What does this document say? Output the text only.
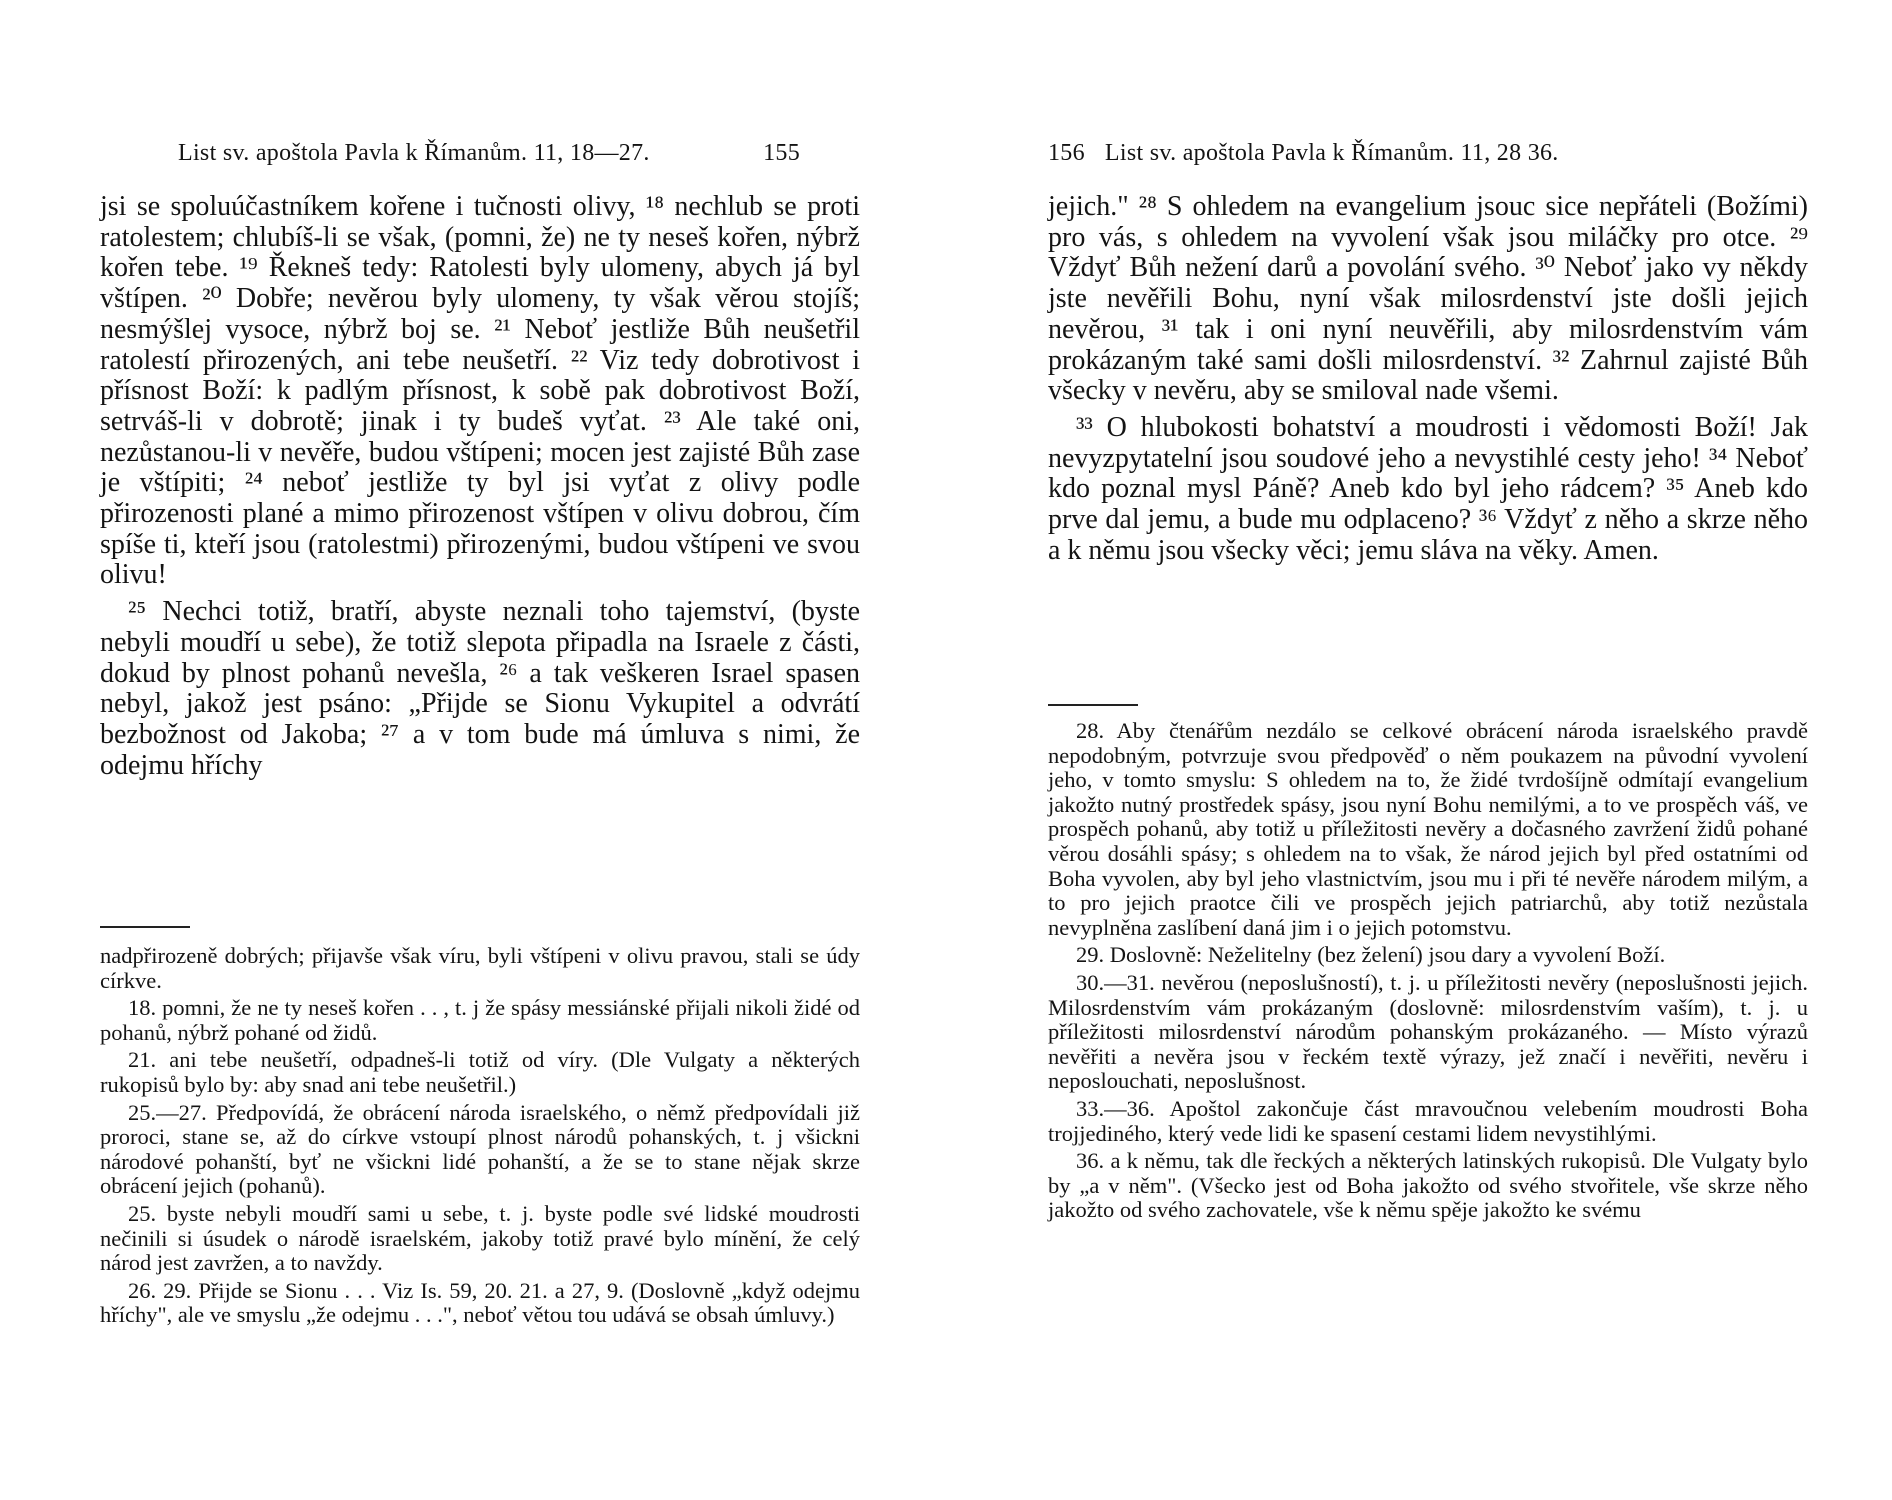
List sv. apoštola Pavla k Římanům. 11, 18—27.	155

jsi se spoluúčastníkem kořene i tučnosti olivy, ¹⁸ nechlub se proti ratolestem; chlubíš-li se však, (pomni, že) ne ty neseš kořen, nýbrž kořen tebe. ¹⁹ Řekneš tedy: Ratolesti byly ulomeny, abych já byl vštípen. ²⁰ Dobře; nevěrou byly ulomeny, ty však věrou stojíš; nesmýšlej vysoce, nýbrž boj se. ²¹ Neboť jestliže Bůh neušetřil ratolestí přirozených, ani tebe neušetří. ²² Viz tedy dobrotivost i přísnost Boží: k padlým přísnost, k sobě pak dobrotivost Boží, setrváš-li v dobrotě; jinak i ty budeš vyťat. ²³ Ale také oni, nezůstanou-li v nevěře, budou vštípeni; mocen jest zajisté Bůh zase je vštípiti; ²⁴ neboť jestliže ty byl jsi vyťat z olivy podle přirozenosti plané a mimo přirozenost vštípen v olivu dobrou, čím spíše ti, kteří jsou (ratolestmi) přirozenými, budou vštípeni ve svou olivu!

²⁵ Nechci totiž, bratří, abyste neznali toho tajemství, (byste nebyli moudří u sebe), že totiž slepota připadla na Israele z části, dokud by plnost pohanů nevešla, ²⁶ a tak veškeren Israel spasen nebyl, jakož jest psáno: „Přijde se Sionu Vykupitel a odvrátí bezbožnost od Jakoba; ²⁷ a v tom bude má úmluva s nimi, že odejmu hříchy

nadpřirozeně dobrých; přijavše však víru, byli vštípeni v olivu pravou, stali se údy církve.

18. pomni, že ne ty neseš kořen . . , t. j že spásy messiánské přijali nikoli židé od pohanů, nýbrž pohané od židů.

21. ani tebe neušetří, odpadneš-li totiž od víry. (Dle Vulgaty a některých rukopisů bylo by: aby snad ani tebe neušetřil.)

25.—27. Předpovídá, že obrácení národa israelského, o němž předpovídali již proroci, stane se, až do církve vstoupí plnost národů pohanských, t. j všickni národové pohanští, byť ne všickni lidé pohanští, a že se to stane nějak skrze obrácení jejich (pohanů).

25. byste nebyli moudří sami u sebe, t. j. byste podle své lidské moudrosti nečinili si úsudek o národě israelském, jakoby totiž pravé bylo mínění, že celý národ jest zavržen, a to navždy.

26. 29. Přijde se Sionu . . . Viz Is. 59, 20. 21. a 27, 9. (Doslovně „když odejmu hříchy", ale ve smyslu „že odejmu . . .", neboť větou tou udává se obsah úmluvy.)

156 List sv. apoštola Pavla k Římanům. 11, 28 36.

jejich." ²⁸ S ohledem na evangelium jsouc sice nepřáteli (Božími) pro vás, s ohledem na vyvolení však jsou miláčky pro otce. ²⁹ Vždyť Bůh nežení darů a povolání svého. ³⁰ Neboť jako vy někdy jste nevěřili Bohu, nyní však milosrdenství jste došli jejich nevěrou, ³¹ tak i oni nyní neuvěřili, aby milosrdenstvím vám prokázaným také sami došli milosrdenství. ³² Zahrnul zajisté Bůh všecky v nevěru, aby se smiloval nade všemi.

³³ O hlubokosti bohatství a moudrosti i vědomosti Boží! Jak nevyzpytatelní jsou soudové jeho a nevystihlé cesty jeho! ³⁴ Neboť kdo poznal mysl Páně? Aneb kdo byl jeho rádcem? ³⁵ Aneb kdo prve dal jemu, a bude mu odplaceno? ³⁶ Vždyť z něho a skrze něho a k němu jsou všecky věci; jemu sláva na věky. Amen.

28. Aby čtenářům nezdálo se celkové obrácení národa israelského pravdě nepodobným, potvrzuje svou předpověď o něm poukazem na původní vyvolení jeho, v tomto smyslu: S ohledem na to, že židé tvrdošíjně odmítají evangelium jakožto nutný prostředek spásy, jsou nyní Bohu nemilými, a to ve prospěch váš, ve prospěch pohanů, aby totiž u příležitosti nevěry a dočasného zavržení židů pohané věrou dosáhli spásy; s ohledem na to však, že národ jejich byl před ostatními od Boha vyvolen, aby byl jeho vlastnictvím, jsou mu i při té nevěře národem milým, a to pro jejich praotce čili ve prospěch jejich patriarchů, aby totiž nezůstala nevyplněna zaslíbení daná jim i o jejich potomstvu.

29. Doslovně: Neželitelny (bez želení) jsou dary a vyvolení Boží.

30.—31. nevěrou (neposlušností), t. j. u příležitosti nevěry (neposlušnosti jejich. Milosrdenstvím vám prokázaným (doslovně: milosrdenstvím vaším), t. j. u příležitosti milosrdenství národům pohanským prokázaného. — Místo výrazů nevěřiti a nevěra jsou v řeckém textě výrazy, jež značí i nevěřiti, nevěru i neposlouchati, neposlušnost.

33.—36. Apoštol zakončuje část mravoučnou velebením moudrosti Boha trojjediného, který vede lidi ke spasení cestami lidem nevystihlými.

36. a k němu, tak dle řeckých a některých latinských rukopisů. Dle Vulgaty bylo by „a v něm". (Všecko jest od Boha jakožto od svého stvořitele, vše skrze něho jakožto od svého zachovatele, vše k němu spěje jakožto ke svému
